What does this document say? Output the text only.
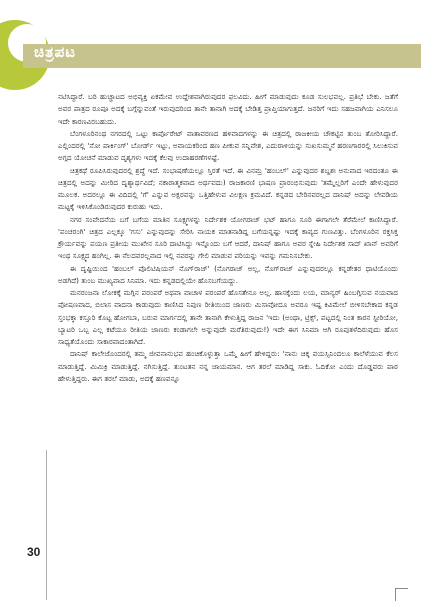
ಚಿತ್ರಪಟ

ನಟಿಸಿದ್ದಾರೆ. ಬರಿ ಹುಚ್ಚಾಟದ ಅಭಿವ್ಯಕ್ತಿ ಏಕಮೇವ ಉದ್ದೇಶವಾಗಿರುವುದರ ಫಲವಿದು. ಹೀಗೆ ಮಾಡುವುದು ಕೂಡ ಸುಲಭವಲ್ಲ. ಪ್ರತಿಭೆ ಬೇಕು. ಜತೆಗೆ ಅವರ ಪಾತ್ರದ ರೂಪೂ ಅದಕ್ಕೆ ಬಗ್ಗೆನ್ನುವಂತೆ ಇರುವುದರಿಂದ ತಾನೇ ತಾನಾಗಿ ಅದಕ್ಕೆ ಬೇಡಿತ್ತ ಪ್ರಾಪ್ತಿಯಾಗುತ್ತದೆ. ಜನರಿಗೆ ಇದು ಸಹಜವಾಗಿಯ ಎನಿಸಲೂ ಇದೇ ಕಾರಣವಿರಬಹುದು.

ಬೆಂಗಳೂರಿನಂಥ ನಗರದಲ್ಲಿ ಒಟ್ಟು ಕಾರ್ಪೊರೇಟ್ ವಾತಾವರಣದ ಹಳಿವಾದಗಳನ್ನು ಈ ಚಿತ್ರದಲ್ಲಿ ರಾಜಕೀಯ ಚೌಕಟ್ಟಿನ ತುಂಬ ತೋರಿಸಿದ್ದಾರೆ. ಎಲ್ಲಿಂದರಲ್ಲಿ 'ನೋ ಪಾರ್ಕಿಂಗ್' ಬೋರ್ಡ್ ಇಟ್ಟು, ಅವಾಯಕರಿಂದ ಹಣ ಪೀಕುವ ಸನ್ನಿವೇಶ, ಎದುರಾಳಿಯನ್ನು ಸುಖಸುಮ್ಮನೆ ಹರಣಗಾರರಲ್ಲಿ ಸಿಲುಕಿಸುವ ಅಗ್ಗದ ಯೋಚನೆ ಮಾಡುವ ದೃಶ್ಯಗಳು ಇದಕ್ಕೆ ಕೆಲವು ಉದಾಹರಣೆಗಳಷ್ಟೆ.

ಚಿತ್ರಕಥೆ ರೂಪಿಸಿರುವುದರಲ್ಲಿ ಶ್ರದ್ಧೆ ಇದೆ. ಸಂಭಾಷಣೆಯಲ್ಲೂ ಸ್ತಿರತೆ ಇದೆ. ಈ ವಿನಮ್ರ 'ಹಂಬಲ್' ಎನ್ನುವುದರ ಶಬ್ದಶಃ ಅನುವಾದ ಇರದಂತೂ ಈ ಚಿತ್ರದಲ್ಲಿ ಅದನ್ನು ಮೀರಿದ ದೃಶ್ಯಾರ್ಥವಿದೆ; ನಕಾರಾತ್ಮಕವಾದ ಅರ್ಥವದು) ರಾಜಕಾರಣಿ ಭಾಷಣ ಪ್ರಾರಂಭಿಸುವುದು 'ತಮ್ಮೆಲ್ಲರಿಗೆ ಎಂದೇ ಹೇಳುವುದರ ಮೂಲಕ. ಅದರಲ್ಲೂ ಈ ವಿದಿದಲ್ಲಿ 'ಗೆ' ಎನ್ನುವ ಅಕ್ಷರವನ್ನು ಒತ್ತಿಹೇಳುವ ವಿಲಕ್ಷಣ ಕ್ರಮವಿದೆ. ಕನ್ನಡದ ಬೇರಿನವರಲ್ಲದ ದಾನಿಷ್ ಅದನ್ನು ಲೇವಡಿಯ ಮಟ್ಟಕ್ಕೆ ಇಳಿಸಿಕೊಂಡಿರುವುದರ ಕುರುಹು ಇದು.

ನಗರ ಸಂವೇದನೆಯ ಬಗೆ ಬಗೆಯ ಮಾತಿನ ಸೂಕ್ಷ್ಮಗಳನ್ನು ನಿರ್ದೇಶಕ ಯೋಗರಾಜ್ ಭಟ್ ಹಾಗೂ ಸೂರಿ ಈಗಾಗಲೇ ತೆರೆಮೇಲೆ ಕಾಣಿಸಿದ್ದಾರೆ. 'ಪಂಚರಂಗಿ' ಚಿತ್ರದ ಎಲ್ಲಕ್ಕೂ 'ಗಸು' ಎನ್ನುವುದನ್ನು ಸೇರಿಸಿ ನಾಯಕ ಮಾತನಾಡಿದ್ದ ಬಗೆಯನ್ನಷ್ಟು ಇದಕ್ಕೆ ಕಾವ್ಯದ ಗುಣವಿತ್ತು. ಬೆಂಗಳೂರಿನ ರಕ್ತಸಿಕ್ತ ಕ್ರೌರ್ಯವನ್ನು ಪಯಣ ಪ್ರತೀಯ ಮುಖೇನ ಸೂರಿ ದಾಟಿಸಿದ್ದು ಇನ್ನೊಂದು ಬಗೆ ಆದರೆ, ದಾನಿಷ್ ಹಾಗೂ ಅವರ ಸ್ನೇಹಿ ನಿರ್ದೇಶಕ ಸಾದ್ ಖಾನ್ ಅವರಿಗೆ ಇಂಥ ಸೂಕ್ಷ್ಮದ ಹಂಗಿಲ್ಲ. ಈ ನೆಲದವರಲ್ಲವಾದ ಇಲ್ಲಿ ನವರನ್ನು ಗೇಲಿ ಮಾಡುವ ಪರಿಯನ್ನು ಇವನ್ನು ಗಮನಿಸಬೇಕು.

ಈ ದೃಷ್ಟಿಯಿಂದ 'ಹಂಬಲ್ ಪೊಲಿಟಿಷಿಯನ್ ನೊಗ್‌ರಾಜ್' (ನೊಗರಾಜ್ ಅಲ್ಲ, ನೊಗ್‌ರಾಜ್ ಎನ್ನುವುದರಲ್ಲೂ ಕನ್ನಡೇತರ ಧಾಟಿಯೊಂದು ಅಡಗಿದೆ) ತುಂಬ ಮುಖ್ಯವಾದ ಸಿನಿಮಾ. ಇದು ಕನ್ನಡದಲ್ಲಿಯೇ ಹೊಸಬಗೆಯದ್ದು.

ಮನರಂಜನಾ ಲೋಕಕ್ಕೆ ಮಗ್ಗಿನ ಪರಂಪರೆ ಅಥವಾ ವಾಚಾಳ ಪರಂಪರೆ ಹೊಸತೇನೂ ಅಲ್ಲ. ಹಾಸಕ್ಕೆಂದು ಲಯ, ಮಾನ್ಯರ್ ಹಿಂಬಗ್ಗಿಸುವ ನಯವಾದ ಪೋಷಣವಾದ, ಬಿಲಾಸ ವಾದನಾ ಕಾಡುವುದು ಕಾಣಿಸಿದ ನಿಪುಣ ರೀತಿಯಿಂದ ಜಾಣರು ಮಿಸಾವೋದೂ ಅವರೂ ಇಷ್ಟ ಕಿವಿಮೇಲೆ ಬೀಳಿಸಬೇಕಾದ ಕನ್ನಡ ಸ್ತಂಭಕ್ಕಾ ಕಸ್ತೂರಿ ಕೊಟ್ಟ ಹೋಗಬಾ, ಬರುವ ಮಾರ್ಗದಲ್ಲಿ ತಾನೇ ತಾನಾಗಿ ಕೇಳುತ್ತಿದ್ದ ರಾಜನ 'ಇದು (ಅಂಥಾ, ಟ್ರಿಕ್ಸ್, ಪಟ್ಟದಲ್ಲಿ ನಿಂತ ಕಾರನ ಸ್ಟೀರಿಯೋ, ಬ್ಯಾಟರಿ ಒಬ್ಬ ಎಲ್ಲ ಕಟೆಯೂ ರೀತಿಯ ಜಾಣರು ಕಂಡಾಗಲೇ ಅನ್ನುವುದೇ ಮರೆತಿರುವುದು!) ಇದೇ ಈಗ ಸಿನಿಮಾ ಆಗಿ ರೂಪುತಳೆದಿರುವುದು ಹೊಸ ಸಾಧ್ಯತೆಯೊಂದು ಸಾಕಾರವಾದಂತಾಗಿದೆ.

ದಾನಿಷ್ ಕಾಲೇಜೊಂದರಲ್ಲಿ ತಮ್ಮ ಜೀವನಾನುಭವ ಹಂಚಿಕೊಳ್ಳುತ್ತಾ ಒಮ್ಮೆ ಹೀಗೆ ಹೇಳಿದ್ದರು: 'ನಾನು ಚಿಕ್ಕ ವಯಸ್ಸಿನಿಂದಲೂ ಕಾಲೆಳೆಯುವ ಕೆಲಸ ಮಾಡುತ್ತಿದ್ದೆ. ಮಿಮಿಕ್ರಿ ಮಾಡುತ್ತಿದ್ದೆ. ನಗಿಸುತ್ತಿದ್ದೆ. ತುಂಟತನ ನನ್ನ ಜಾಯಮಾನ. ಆಗ ತರಲೆ ಮಾಡಿದ್ದ ಸಾಕು. ಓದಿಕೋ ಎಂದು ದೊಡ್ಡವರು ಪಾಠ ಹೇಳುತ್ತಿದ್ದರು. ಈಗ ತರಲೆ ಮಾಡು, ಅದಕ್ಕೆ ಹಣವನ್ನೂ

30
